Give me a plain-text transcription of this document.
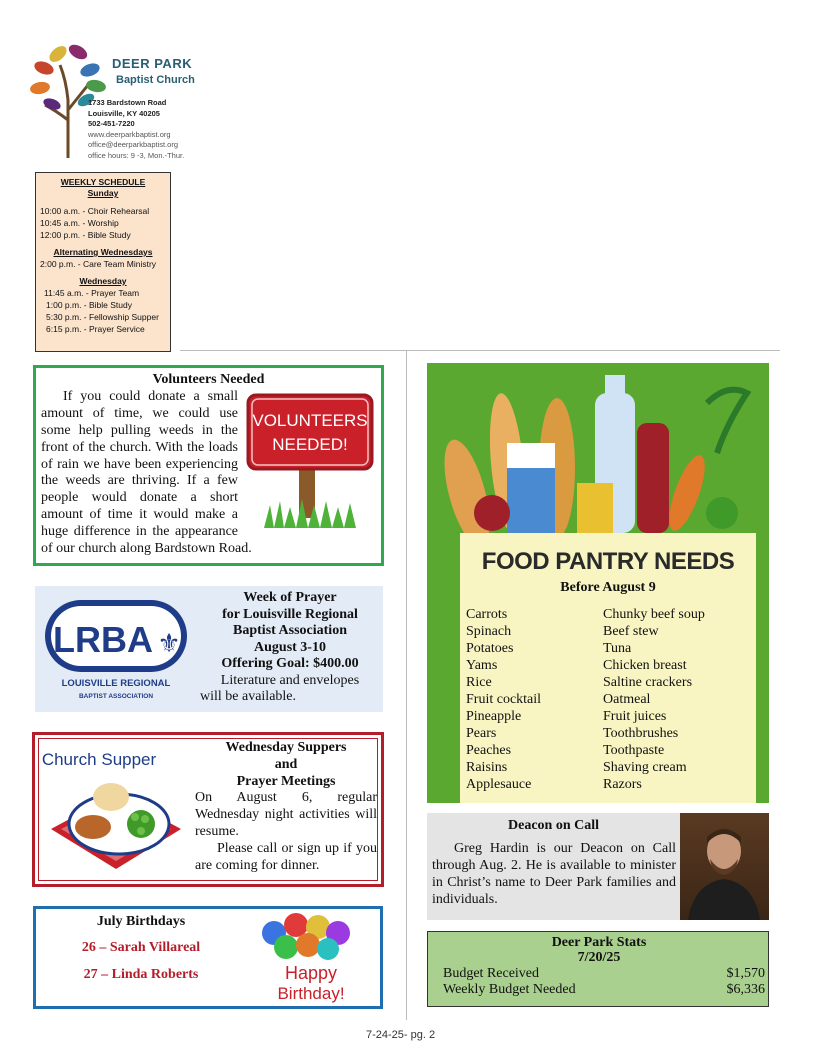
DEER PARK
Baptist Church
1733 Bardstown Road
Louisville, KY 40205
502-451-7220
www.deerparkbaptist.org
office@deerparkbaptist.org
office hours: 9 -3, Mon.-Thur.
WEEKLY SCHEDULE
Sunday
10:00 a.m. - Choir Rehearsal
10:45 a.m. - Worship
12:00 p.m. - Bible Study
Alternating Wednesdays
2:00 p.m. - Care Team Ministry
Wednesday
11:45 a.m. - Prayer Team
1:00 p.m. - Bible Study
5:30 p.m. - Fellowship Supper
6:15 p.m. - Prayer Service
Volunteers Needed
VOLUNTEERS
NEEDED!
If you could donate a small amount of time, we could use some help pulling weeds in the front of the church. With the loads of rain we have been experiencing the weeds are thriving. If a few people would donate a short amount of time it would make a huge difference in the appearance of our church along Bardstown Road.
LRBA ⚜
LOUISVILLE REGIONAL
BAPTIST ASSOCIATION
Week of Prayer
for Louisville Regional
Baptist Association
August 3-10
Offering Goal: $400.00
Literature and envelopes
will be available.
Church Supper
Wednesday Suppers
and
Prayer Meetings
On August 6, regular Wednesday night activities will resume.
Please call or sign up if you are coming for dinner.
July Birthdays
26 – Sarah Villareal
27 – Linda Roberts	Happy
Birthday!
FOOD PANTRY NEEDS
Before August 9
Carrots
Spinach
Potatoes
Yams
Rice
Fruit cocktail
Pineapple
Pears
Peaches
Raisins
Applesauce
Chunky beef soup
Beef stew
Tuna
Chicken breast
Saltine crackers
Oatmeal
Fruit juices
Toothbrushes
Toothpaste
Shaving cream
Razors
Deacon on Call
Greg Hardin is our Deacon on Call through Aug. 2. He is available to minister in Christ’s name to Deer Park families and individuals.
Deer Park Stats
7/20/25
Budget Received	$1,570
Weekly Budget Needed	$6,336
7-24-25- pg. 2
